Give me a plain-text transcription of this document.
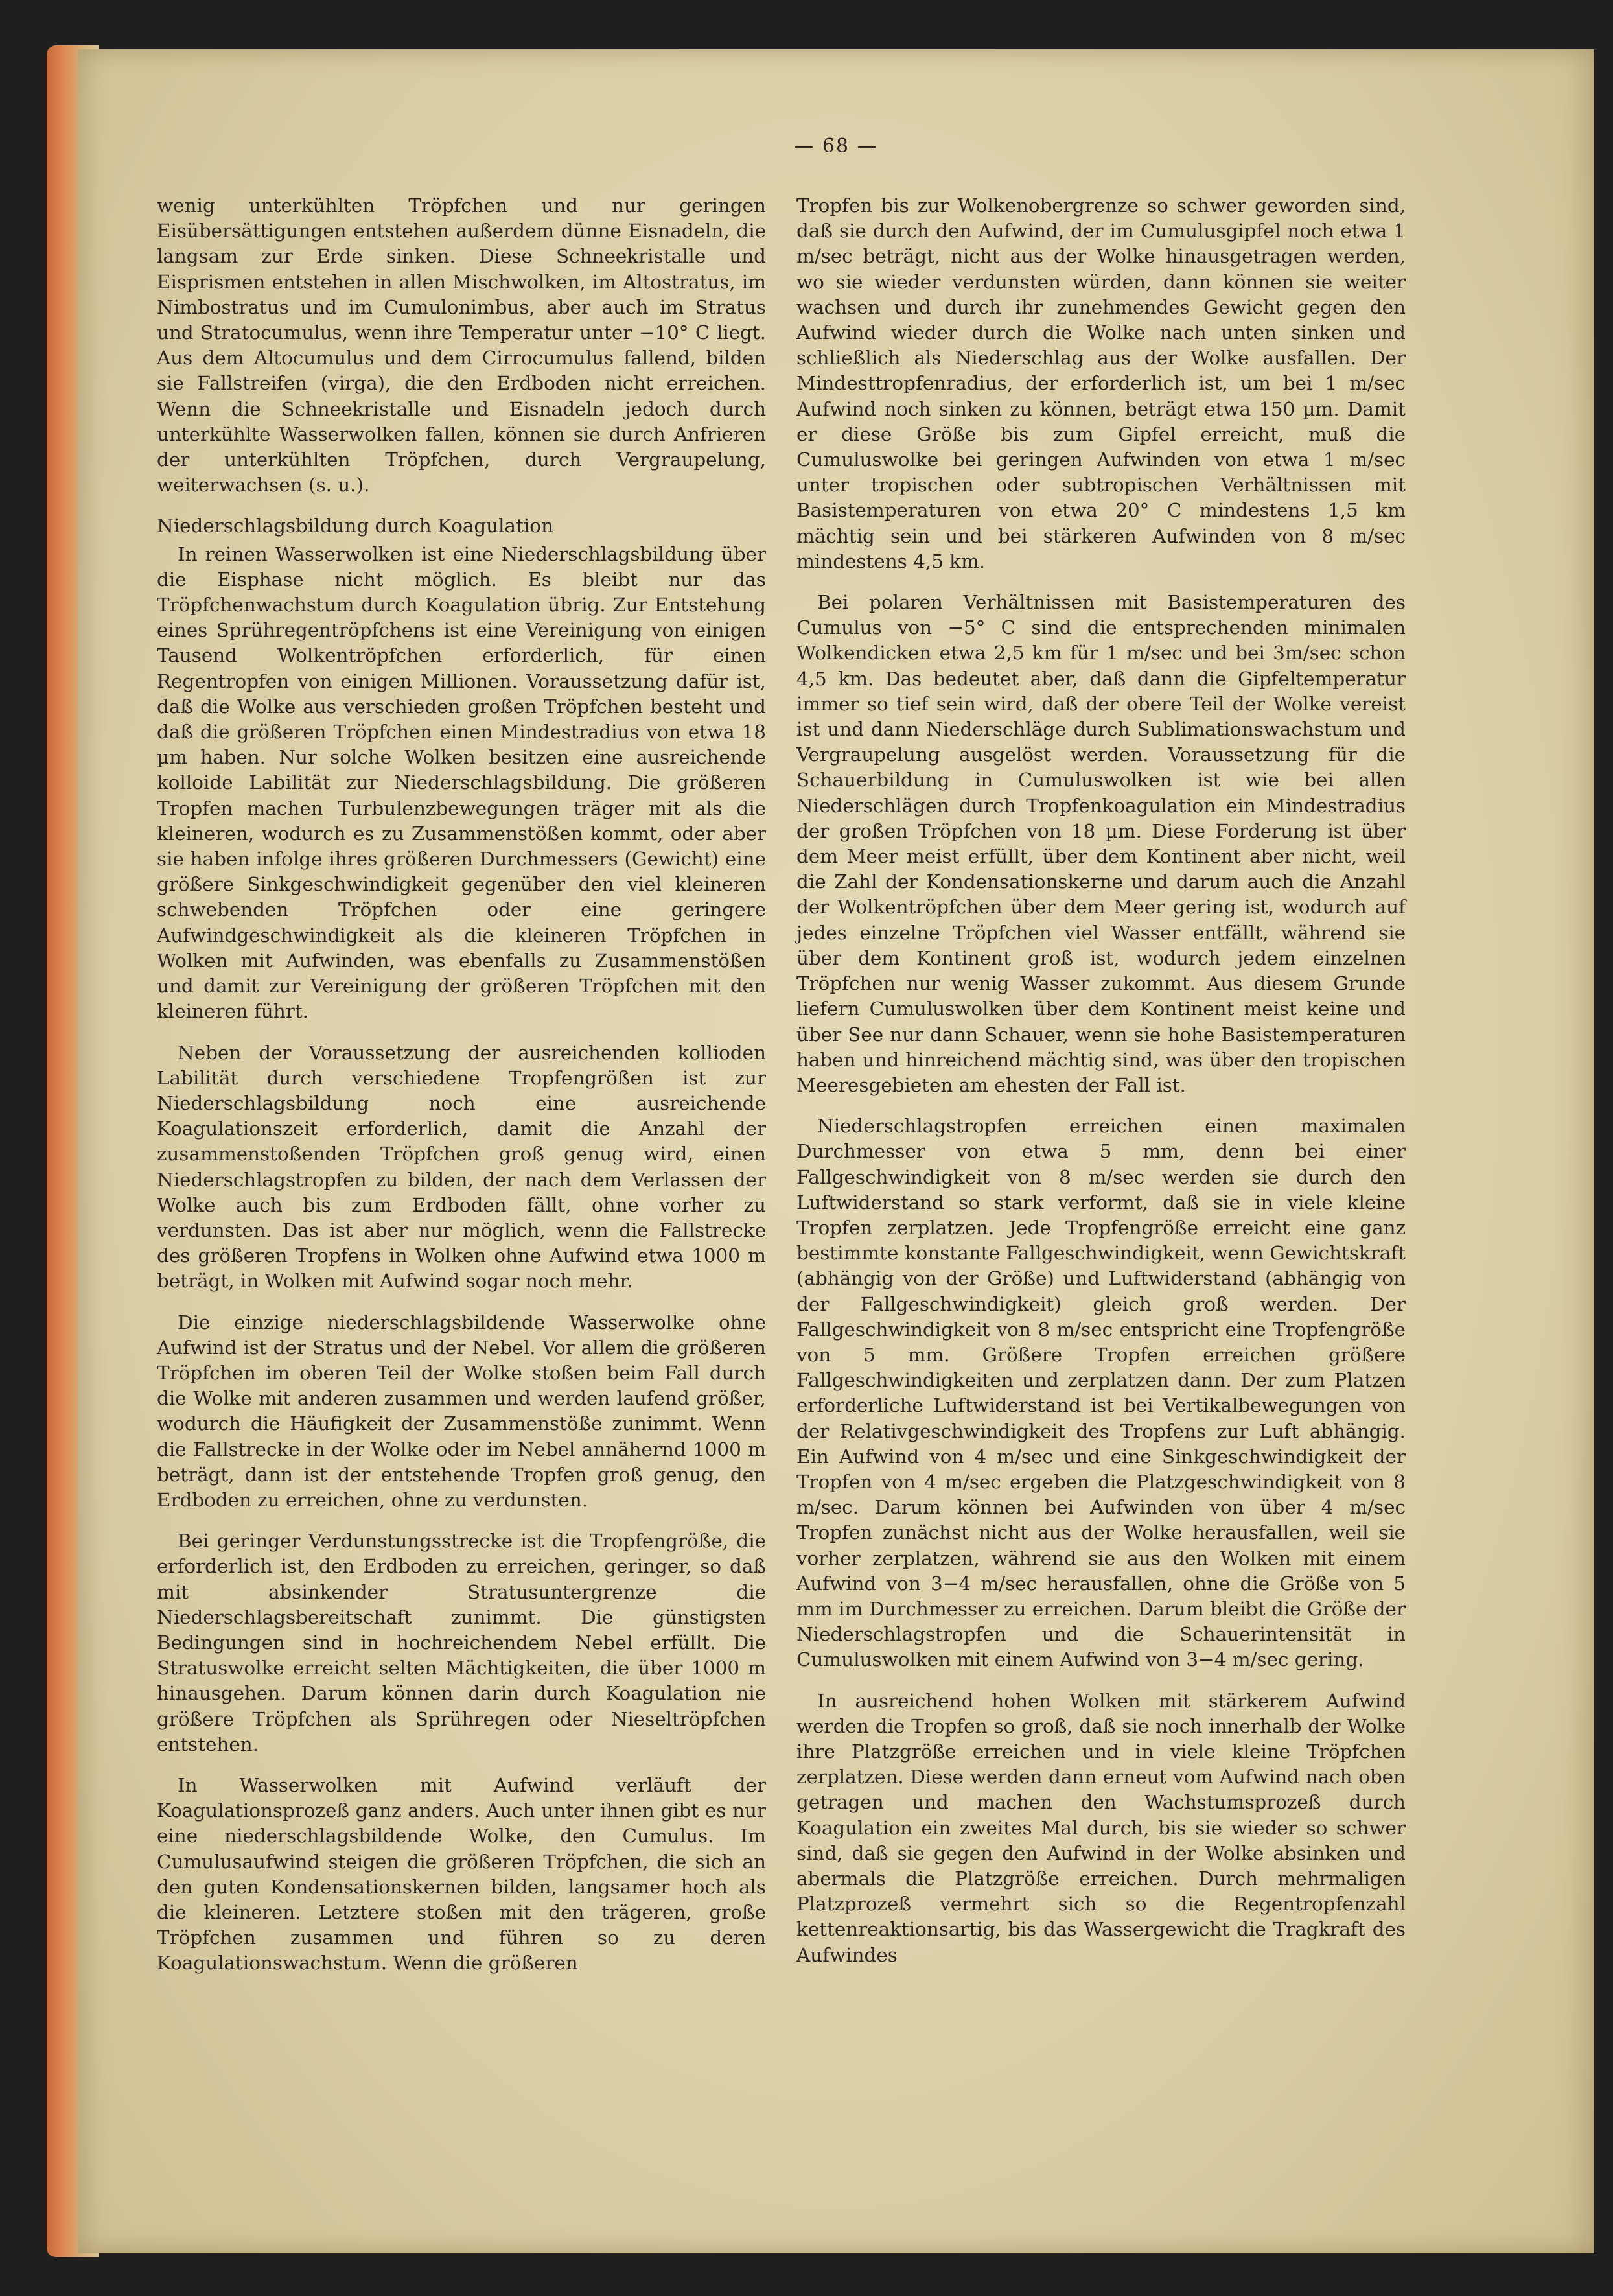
— 68 —

wenig unterkühlten Tröpfchen und nur geringen Eisübersättigungen entstehen außerdem dünne Eisnadeln, die langsam zur Erde sinken. Diese Schneekristalle und Eisprismen entstehen in allen Mischwolken, im Altostratus, im Nimbostratus und im Cumulonimbus, aber auch im Stratus und Stratocumulus, wenn ihre Temperatur unter −10° C liegt. Aus dem Altocumulus und dem Cirrocumulus fallend, bilden sie Fallstreifen (virga), die den Erdboden nicht erreichen. Wenn die Schneekristalle und Eisnadeln jedoch durch unterkühlte Wasserwolken fallen, können sie durch Anfrieren der unterkühlten Tröpfchen, durch Vergraupelung, weiterwachsen (s. u.).

Niederschlagsbildung durch Koagulation

In reinen Wasserwolken ist eine Niederschlagsbildung über die Eisphase nicht möglich. Es bleibt nur das Tröpfchenwachstum durch Koagulation übrig. Zur Entstehung eines Sprühregentröpfchens ist eine Vereinigung von einigen Tausend Wolkentröpfchen erforderlich, für einen Regentropfen von einigen Millionen. Voraussetzung dafür ist, daß die Wolke aus verschieden großen Tröpfchen besteht und daß die größeren Tröpfchen einen Mindestradius von etwa 18 µm haben. Nur solche Wolken besitzen eine ausreichende kolloide Labilität zur Niederschlagsbildung. Die größeren Tropfen machen Turbulenzbewegungen träger mit als die kleineren, wodurch es zu Zusammenstößen kommt, oder aber sie haben infolge ihres größeren Durchmessers (Gewicht) eine größere Sinkgeschwindigkeit gegenüber den viel kleineren schwebenden Tröpfchen oder eine geringere Aufwindgeschwindigkeit als die kleineren Tröpfchen in Wolken mit Aufwinden, was ebenfalls zu Zusammenstößen und damit zur Vereinigung der größeren Tröpfchen mit den kleineren führt.

Neben der Voraussetzung der ausreichenden kollioden Labilität durch verschiedene Tropfengrößen ist zur Niederschlagsbildung noch eine ausreichende Koagulationszeit erforderlich, damit die Anzahl der zusammenstoßenden Tröpfchen groß genug wird, einen Niederschlagstropfen zu bilden, der nach dem Verlassen der Wolke auch bis zum Erdboden fällt, ohne vorher zu verdunsten. Das ist aber nur möglich, wenn die Fallstrecke des größeren Tropfens in Wolken ohne Aufwind etwa 1000 m beträgt, in Wolken mit Aufwind sogar noch mehr.

Die einzige niederschlagsbildende Wasserwolke ohne Aufwind ist der Stratus und der Nebel. Vor allem die größeren Tröpfchen im oberen Teil der Wolke stoßen beim Fall durch die Wolke mit anderen zusammen und werden laufend größer, wodurch die Häufigkeit der Zusammenstöße zunimmt. Wenn die Fallstrecke in der Wolke oder im Nebel annähernd 1000 m beträgt, dann ist der entstehende Tropfen groß genug, den Erdboden zu erreichen, ohne zu verdunsten.

Bei geringer Verdunstungsstrecke ist die Tropfengröße, die erforderlich ist, den Erdboden zu erreichen, geringer, so daß mit absinkender Stratusuntergrenze die Niederschlagsbereitschaft zunimmt. Die günstigsten Bedingungen sind in hochreichendem Nebel erfüllt. Die Stratuswolke erreicht selten Mächtigkeiten, die über 1000 m hinausgehen. Darum können darin durch Koagulation nie größere Tröpfchen als Sprühregen oder Nieseltröpfchen entstehen.

In Wasserwolken mit Aufwind verläuft der Koagulationsprozeß ganz anders. Auch unter ihnen gibt es nur eine niederschlagsbildende Wolke, den Cumulus. Im Cumulusaufwind steigen die größeren Tröpfchen, die sich an den guten Kondensationskernen bilden, langsamer hoch als die kleineren. Letztere stoßen mit den trägeren, große Tröpfchen zusammen und führen so zu deren Koagulationswachstum. Wenn die größeren

Tropfen bis zur Wolkenobergrenze so schwer geworden sind, daß sie durch den Aufwind, der im Cumulusgipfel noch etwa 1 m/sec beträgt, nicht aus der Wolke hinausgetragen werden, wo sie wieder verdunsten würden, dann können sie weiter wachsen und durch ihr zunehmendes Gewicht gegen den Aufwind wieder durch die Wolke nach unten sinken und schließlich als Niederschlag aus der Wolke ausfallen. Der Mindesttropfenradius, der erforderlich ist, um bei 1 m/sec Aufwind noch sinken zu können, beträgt etwa 150 µm. Damit er diese Größe bis zum Gipfel erreicht, muß die Cumuluswolke bei geringen Aufwinden von etwa 1 m/sec unter tropischen oder subtropischen Verhältnissen mit Basistemperaturen von etwa 20° C mindestens 1,5 km mächtig sein und bei stärkeren Aufwinden von 8 m/sec mindestens 4,5 km.

Bei polaren Verhältnissen mit Basistemperaturen des Cumulus von −5° C sind die entsprechenden minimalen Wolkendicken etwa 2,5 km für 1 m/sec und bei 3m/sec schon 4,5 km. Das bedeutet aber, daß dann die Gipfeltemperatur immer so tief sein wird, daß der obere Teil der Wolke vereist ist und dann Niederschläge durch Sublimationswachstum und Vergraupelung ausgelöst werden. Voraussetzung für die Schauerbildung in Cumuluswolken ist wie bei allen Niederschlägen durch Tropfenkoagulation ein Mindestradius der großen Tröpfchen von 18 µm. Diese Forderung ist über dem Meer meist erfüllt, über dem Kontinent aber nicht, weil die Zahl der Kondensationskerne und darum auch die Anzahl der Wolkentröpfchen über dem Meer gering ist, wodurch auf jedes einzelne Tröpfchen viel Wasser entfällt, während sie über dem Kontinent groß ist, wodurch jedem einzelnen Tröpfchen nur wenig Wasser zukommt. Aus diesem Grunde liefern Cumuluswolken über dem Kontinent meist keine und über See nur dann Schauer, wenn sie hohe Basistemperaturen haben und hinreichend mächtig sind, was über den tropischen Meeresgebieten am ehesten der Fall ist.

Niederschlagstropfen erreichen einen maximalen Durchmesser von etwa 5 mm, denn bei einer Fallgeschwindigkeit von 8 m/sec werden sie durch den Luftwiderstand so stark verformt, daß sie in viele kleine Tropfen zerplatzen. Jede Tropfengröße erreicht eine ganz bestimmte konstante Fallgeschwindigkeit, wenn Gewichtskraft (abhängig von der Größe) und Luftwiderstand (abhängig von der Fallgeschwindigkeit) gleich groß werden. Der Fallgeschwindigkeit von 8 m/sec entspricht eine Tropfengröße von 5 mm. Größere Tropfen erreichen größere Fallgeschwindigkeiten und zerplatzen dann. Der zum Platzen erforderliche Luftwiderstand ist bei Vertikalbewegungen von der Relativgeschwindigkeit des Tropfens zur Luft abhängig. Ein Aufwind von 4 m/sec und eine Sinkgeschwindigkeit der Tropfen von 4 m/sec ergeben die Platzgeschwindigkeit von 8 m/sec. Darum können bei Aufwinden von über 4 m/sec Tropfen zunächst nicht aus der Wolke herausfallen, weil sie vorher zerplatzen, während sie aus den Wolken mit einem Aufwind von 3−4 m/sec herausfallen, ohne die Größe von 5 mm im Durchmesser zu erreichen. Darum bleibt die Größe der Niederschlagstropfen und die Schauerintensität in Cumuluswolken mit einem Aufwind von 3−4 m/sec gering.

In ausreichend hohen Wolken mit stärkerem Aufwind werden die Tropfen so groß, daß sie noch innerhalb der Wolke ihre Platzgröße erreichen und in viele kleine Tröpfchen zerplatzen. Diese werden dann erneut vom Aufwind nach oben getragen und machen den Wachstumsprozeß durch Koagulation ein zweites Mal durch, bis sie wieder so schwer sind, daß sie gegen den Aufwind in der Wolke absinken und abermals die Platzgröße erreichen. Durch mehrmaligen Platzprozeß vermehrt sich so die Regentropfenzahl kettenreaktionsartig, bis das Wassergewicht die Tragkraft des Aufwindes
